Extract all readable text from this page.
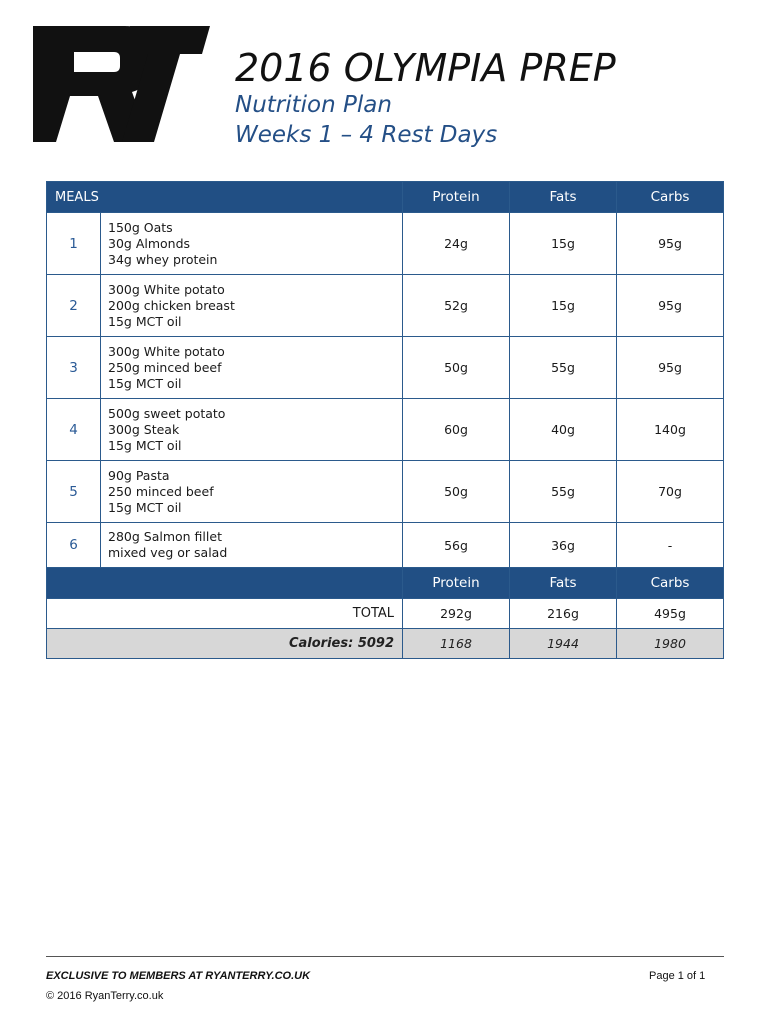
2016 OLYMPIA PREP
Nutrition Plan
Weeks 1 – 4 Rest Days
MEALS		Protein	Fats	Carbs
1	150g Oats
30g Almonds
34g whey protein	24g	15g	95g
2	300g White potato
200g chicken breast
15g MCT oil	52g	15g	95g
3	300g White potato
250g minced beef
15g MCT oil	50g	55g	95g
4	500g sweet potato
300g Steak
15g MCT oil	60g	40g	140g
5	90g Pasta
250 minced beef
15g MCT oil	50g	55g	70g
6	280g Salmon fillet
mixed veg or salad	56g	36g	-
		Protein	Fats	Carbs
TOTAL		292g	216g	495g
Calories: 5092		1168	1944	1980
EXCLUSIVE TO MEMBERS AT RYANTERRY.CO.UK	Page 1 of 1
© 2016 RyanTerry.co.uk
